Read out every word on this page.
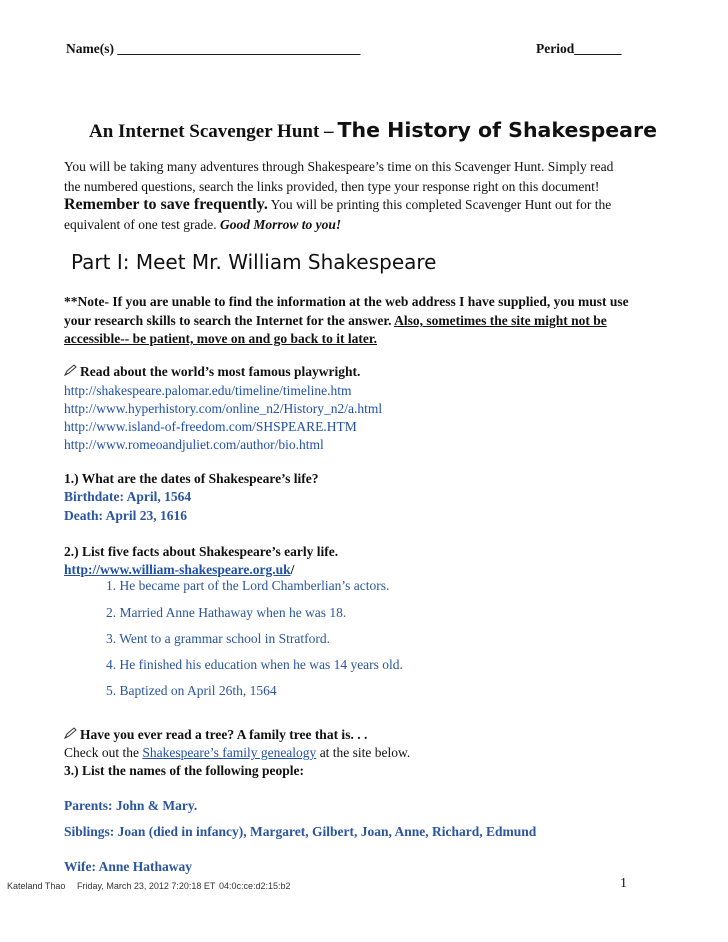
Name(s) ____________________________________	Period_______
An Internet Scavenger Hunt – The History of Shakespeare
You will be taking many adventures through Shakespeare’s time on this Scavenger Hunt. Simply read
the numbered questions, search the links provided, then type your response right on this document!
Remember to save frequently. You will be printing this completed Scavenger Hunt out for the
equivalent of one test grade. Good Morrow to you!
Part I: Meet Mr. William Shakespeare
**Note- If you are unable to find the information at the web address I have supplied, you must use
your research skills to search the Internet for the answer. Also, sometimes the site might not be
accessible-- be patient, move on and go back to it later.
Read about the world’s most famous playwright.
http://shakespeare.palomar.edu/timeline/timeline.htm
http://www.hyperhistory.com/online_n2/History_n2/a.html
http://www.island-of-freedom.com/SHSPEARE.HTM
http://www.romeoandjuliet.com/author/bio.html
1.) What are the dates of Shakespeare’s life?
Birthdate: April, 1564
Death: April 23, 1616
2.) List five facts about Shakespeare’s early life.
http://www.william-shakespeare.org.uk/
1. He became part of the Lord Chamberlian’s actors.
2. Married Anne Hathaway when he was 18.
3. Went to a grammar school in Stratford.
4. He finished his education when he was 14 years old.
5. Baptized on April 26th, 1564
Have you ever read a tree? A family tree that is. . .
Check out the Shakespeare’s family genealogy at the site below.
3.) List the names of the following people:
Parents: John & Mary.
Siblings: Joan (died in infancy), Margaret, Gilbert, Joan, Anne, Richard, Edmund
Wife: Anne Hathaway
Kateland Thao Friday, March 23, 2012 7:20:18 ET 04:0c:ce:d2:15:b2	1
